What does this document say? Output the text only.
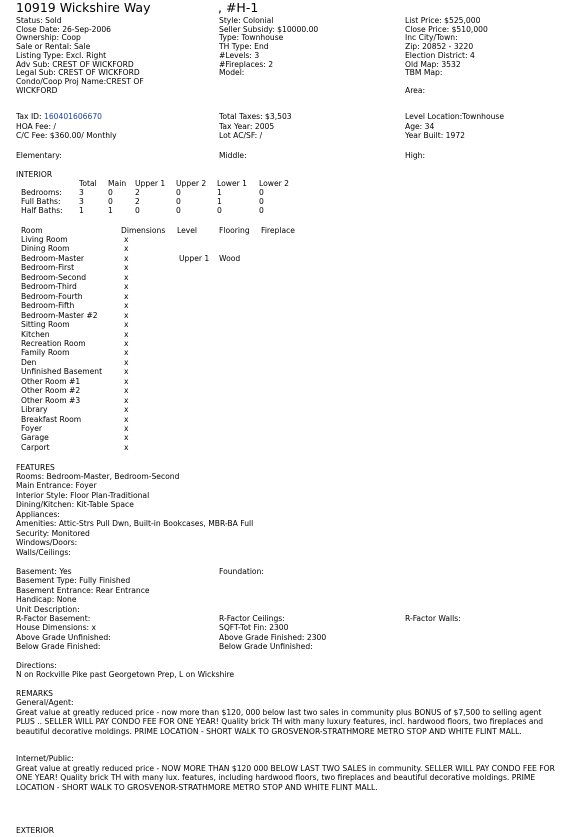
10919 Wickshire Way	, #H-1
Status: Sold
Close Date: 26-Sep-2006
Ownership: Coop
Sale or Rental: Sale
Listing Type: Excl. Right
Adv Sub: CREST OF WICKFORD
Legal Sub: CREST OF WICKFORD
Condo/Coop Proj Name:CREST OF
WICKFORD
Style: Colonial
Seller Subsidy: $10000.00
Type: Townhouse
TH Type: End
#Levels: 3
#Fireplaces: 2
Model:
List Price: $525,000
Close Price: $510,000
Inc City/Town:
Zip: 20852 - 3220
Election District: 4
Old Map: 3532
TBM Map:
Area:
Tax ID: 160401606670
HOA Fee: /
C/C Fee: $360.00/ Monthly
Total Taxes: $3,503
Tax Year: 2005
Lot AC/SF: /
Level Location:Townhouse
Age: 34
Year Built: 1972
Elementary:	Middle:	High:
INTERIOR
Total Main Upper 1 Upper 2 Lower 1 Lower 2
Bedrooms: 3	0	2	0	1	0
Full Baths: 3	0	2	0	1	0
Half Baths: 1	1	0	0	0	0
Room	Dimensions Level	Flooring Fireplace
Living Room	x
Dining Room	x
Bedroom-Master	x	Upper 1 Wood
Bedroom-First	x
Bedroom-Second	x
Bedroom-Third	x
Bedroom-Fourth	x
Bedroom-Fifth	x
Bedroom-Master #2	x
Sitting Room	x
Kitchen	x
Recreation Room	x
Family Room	x
Den	x
Unfinished Basement	x
Other Room #1	x
Other Room #2	x
Other Room #3	x
Library	x
Breakfast Room	x
Foyer	x
Garage	x
Carport	x
FEATURES
Rooms: Bedroom-Master, Bedroom-Second
Main Entrance: Foyer
Interior Style: Floor Plan-Traditional
Dining/Kitchen: Kit-Table Space
Appliances:
Amenities: Attic-Strs Pull Dwn, Built-in Bookcases, MBR-BA Full
Security: Monitored
Windows/Doors:
Walls/Ceilings:
Basement: Yes
Basement Type: Fully Finished
Basement Entrance: Rear Entrance
Handicap: None
Unit Description:
R-Factor Basement:
House Dimensions: x
Above Grade Unfinished:
Below Grade Finished:
Foundation:
R-Factor Ceilings:
SQFT-Tot Fin: 2300
Above Grade Finished: 2300
Below Grade Unfinished:
R-Factor Walls:
Directions:
N on Rockville Pike past Georgetown Prep, L on Wickshire
REMARKS
General/Agent:
Great value at greatly reduced price - now more than $120, 000 below last two sales in community plus BONUS of $7,500 to selling agent PLUS .. SELLER WILL PAY CONDO FEE FOR ONE YEAR! Quality brick TH with many luxury features, incl. hardwood floors, two fireplaces and beautiful decorative moldings. PRIME LOCATION - SHORT WALK TO GROSVENOR-STRATHMORE METRO STOP AND WHITE FLINT MALL.
Internet/Public:
Great value at greatly reduced price - NOW MORE THAN $120 000 BELOW LAST TWO SALES in community. SELLER WILL PAY CONDO FEE FOR ONE YEAR! Quality brick TH with many lux. features, including hardwood floors, two fireplaces and beautiful decorative moldings. PRIME LOCATION - SHORT WALK TO GROSVENOR-STRATHMORE METRO STOP AND WHITE FLINT MALL.
EXTERIOR
